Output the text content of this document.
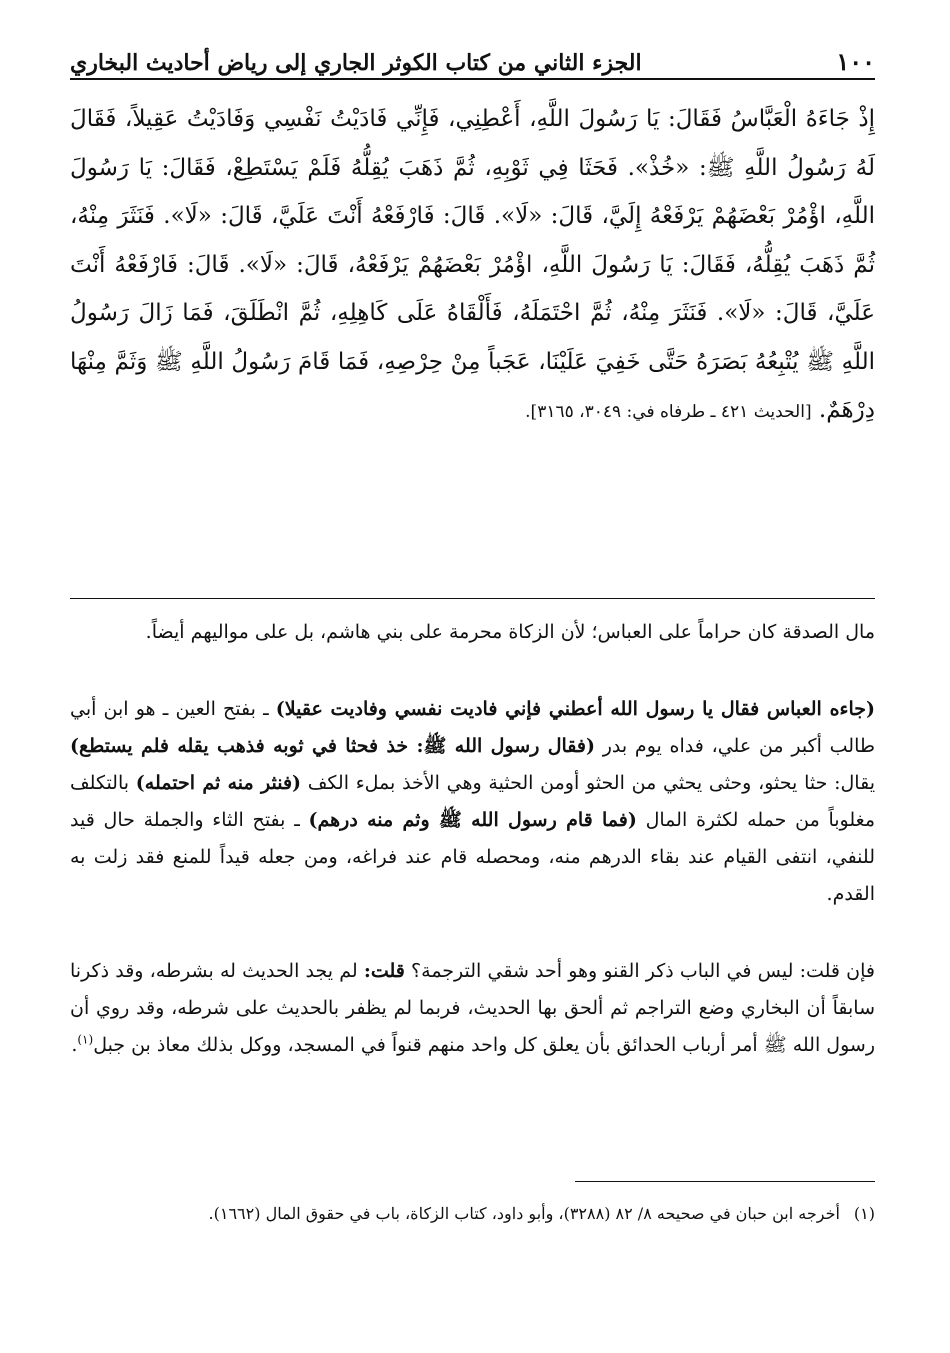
١٠٠
الجزء الثاني من كتاب الكوثر الجاري إلى رياض أحاديث البخاري

إِذْ جَاءَهُ الْعَبَّاسُ فَقَالَ: يَا رَسُولَ اللَّهِ، أَعْطِنِي، فَإِنِّي فَادَيْتُ نَفْسِي وَفَادَيْتُ عَقِيلاً، فَقَالَ لَهُ رَسُولُ اللَّهِ ﷺ: «خُذْ». فَحَثَا فِي ثَوْبِهِ، ثُمَّ ذَهَبَ يُقِلُّهُ فَلَمْ يَسْتَطِعْ، فَقَالَ: يَا رَسُولَ اللَّهِ، اؤْمُرْ بَعْضَهُمْ يَرْفَعْهُ إِلَيَّ، قَالَ: «لَا». قَالَ: فَارْفَعْهُ أَنْتَ عَلَيَّ، قَالَ: «لَا». فَنَثَرَ مِنْهُ، ثُمَّ ذَهَبَ يُقِلُّهُ، فَقَالَ: يَا رَسُولَ اللَّهِ، اؤْمُرْ بَعْضَهُمْ يَرْفَعْهُ، قَالَ: «لَا». قَالَ: فَارْفَعْهُ أَنْتَ عَلَيَّ، قَالَ: «لَا». فَنَثَرَ مِنْهُ، ثُمَّ احْتَمَلَهُ، فَأَلْقَاهُ عَلَى كَاهِلِهِ، ثُمَّ انْطَلَقَ، فَمَا زَالَ رَسُولُ اللَّهِ ﷺ يُتْبِعُهُ بَصَرَهُ حَتَّى خَفِيَ عَلَيْنَا، عَجَباً مِنْ حِرْصِهِ، فَمَا قَامَ رَسُولُ اللَّهِ ﷺ وَثَمَّ مِنْهَا دِرْهَمٌ. [الحديث ٤٢١ ـ طرفاه في: ٣٠٤٩، ٣١٦٥].

مال الصدقة كان حراماً على العباس؛ لأن الزكاة محرمة على بني هاشم، بل على مواليهم أيضاً.

(جاءه العباس فقال يا رسول الله أعطني فإني فاديت نفسي وفاديت عقيلا) ـ بفتح العين ـ هو ابن أبي طالب أكبر من علي، فداه يوم بدر (فقال رسول الله ﷺ: خذ فحثا في ثوبه فذهب يقله فلم يستطع) يقال: حثا يحثو، وحثى يحثي من الحثو أومن الحثية وهي الأخذ بملء الكف (فنثر منه ثم احتمله) بالتكلف مغلوباً من حمله لكثرة المال (فما قام رسول الله ﷺ وثم منه درهم) ـ بفتح الثاء والجملة حال قيد للنفي، انتفى القيام عند بقاء الدرهم منه، ومحصله قام عند فراغه، ومن جعله قيداً للمنع فقد زلت به القدم.

فإن قلت: ليس في الباب ذكر القنو وهو أحد شقي الترجمة؟ قلت: لم يجد الحديث له بشرطه، وقد ذكرنا سابقاً أن البخاري وضع التراجم ثم ألحق بها الحديث، فربما لم يظفر بالحديث على شرطه، وقد روي أن رسول الله ﷺ أمر أرباب الحدائق بأن يعلق كل واحد منهم قنواً في المسجد، ووكل بذلك معاذ بن جبل$^{(١)}$.

(١)أخرجه ابن حبان في صحيحه ٨/ ٨٢ (٣٢٨٨)، وأبو داود، كتاب الزكاة، باب في حقوق المال (١٦٦٢).
